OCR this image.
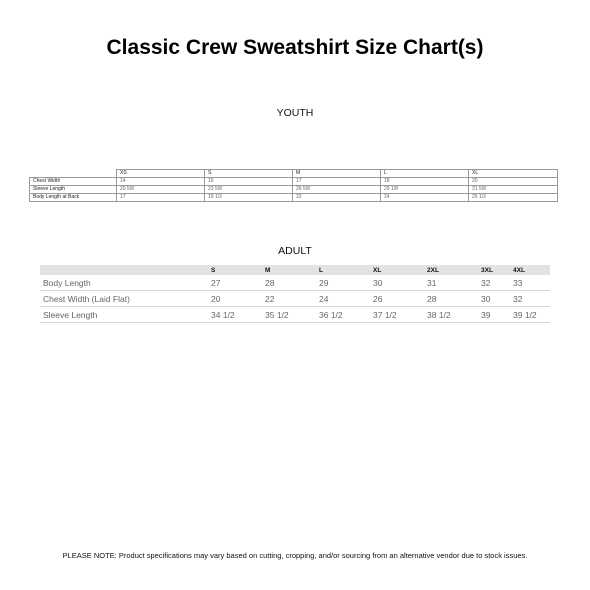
Classic Crew Sweatshirt Size Chart(s)
YOUTH
	XS	S	M	L	XL
Chest Width	14	16	17	18	20
Sleeve Length	20 5/8	23 5/8	26 5/8	29 1/8	31 5/8
Body Length at Back	17	19 1/2	22	24	25 1/2
ADULT
	S	M	L	XL	2XL	3XL	4XL
Body Length	27	28	29	30	31	32	33
Chest Width (Laid Flat)	20	22	24	26	28	30	32
Sleeve Length	34 1/2	35 1/2	36 1/2	37 1/2	38 1/2	39	39 1/2
PLEASE NOTE: Product specifications may vary based on cutting, cropping, and/or sourcing from an alternative vendor due to stock issues.
